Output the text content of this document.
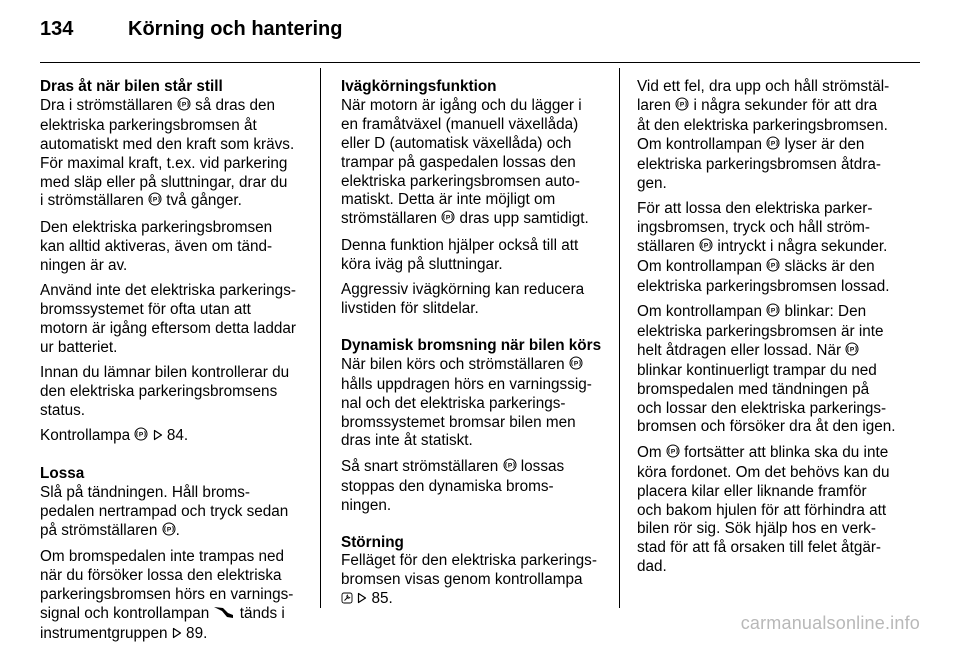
134	Körning och hantering
Dras åt när bilen står still
Dra i strömställaren P så dras den
elektriska parkeringsbromsen åt
automatiskt med den kraft som krävs.
För maximal kraft, t.ex. vid parkering
med släp eller på sluttningar, drar du
i strömställaren P två gånger.
Den elektriska parkeringsbromsen
kan alltid aktiveras, även om tänd-
ningen är av.
Använd inte det elektriska parkerings-
bromssystemet för ofta utan att
motorn är igång eftersom detta laddar
ur batteriet.
Innan du lämnar bilen kontrollerar du
den elektriska parkeringsbromsens
status.
Kontrollampa P 84.
Lossa
Slå på tändningen. Håll broms-
pedalen nertrampad och tryck sedan
på strömställaren P .
Om bromspedalen inte trampas ned
när du försöker lossa den elektriska
parkeringsbromsen hörs en varnings-
signal och kontrollampan  tänds i
instrumentgruppen  89.
Ivägkörningsfunktion
När motorn är igång och du lägger i
en framåtväxel (manuell växellåda)
eller D (automatisk växellåda) och
trampar på gaspedalen lossas den
elektriska parkeringsbromsen auto-
matiskt. Detta är inte möjligt om
strömställaren P dras upp samtidigt.
Denna funktion hjälper också till att
köra iväg på sluttningar.
Aggressiv ivägkörning kan reducera
livstiden för slitdelar.
Dynamisk bromsning när bilen körs
När bilen körs och strömställaren P
hålls uppdragen hörs en varningssig-
nal och det elektriska parkerings-
bromssystemet bromsar bilen men
dras inte åt statiskt.
Så snart strömställaren P lossas
stoppas den dynamiska broms-
ningen.
Störning
Felläget för den elektriska parkerings-
bromsen visas genom kontrollampa
85.
Vid ett fel, dra upp och håll strömstäl-
laren P i några sekunder för att dra
åt den elektriska parkeringsbromsen.
Om kontrollampan P lyser är den
elektriska parkeringsbromsen åtdra-
gen.
För att lossa den elektriska parker-
ingsbromsen, tryck och håll ström-
ställaren P intryckt i några sekunder.
Om kontrollampan P släcks är den
elektriska parkeringsbromsen lossad.
Om kontrollampan P blinkar: Den
elektriska parkeringsbromsen är inte
helt åtdragen eller lossad. När P
blinkar kontinuerligt trampar du ned
bromspedalen med tändningen på
och lossar den elektriska parkerings-
bromsen och försöker dra åt den igen.
Om P fortsätter att blinka ska du inte
köra fordonet. Om det behövs kan du
placera kilar eller liknande framför
och bakom hjulen för att förhindra att
bilen rör sig. Sök hjälp hos en verk-
stad för att få orsaken till felet åtgär-
dad.
carmanualsonline.info
